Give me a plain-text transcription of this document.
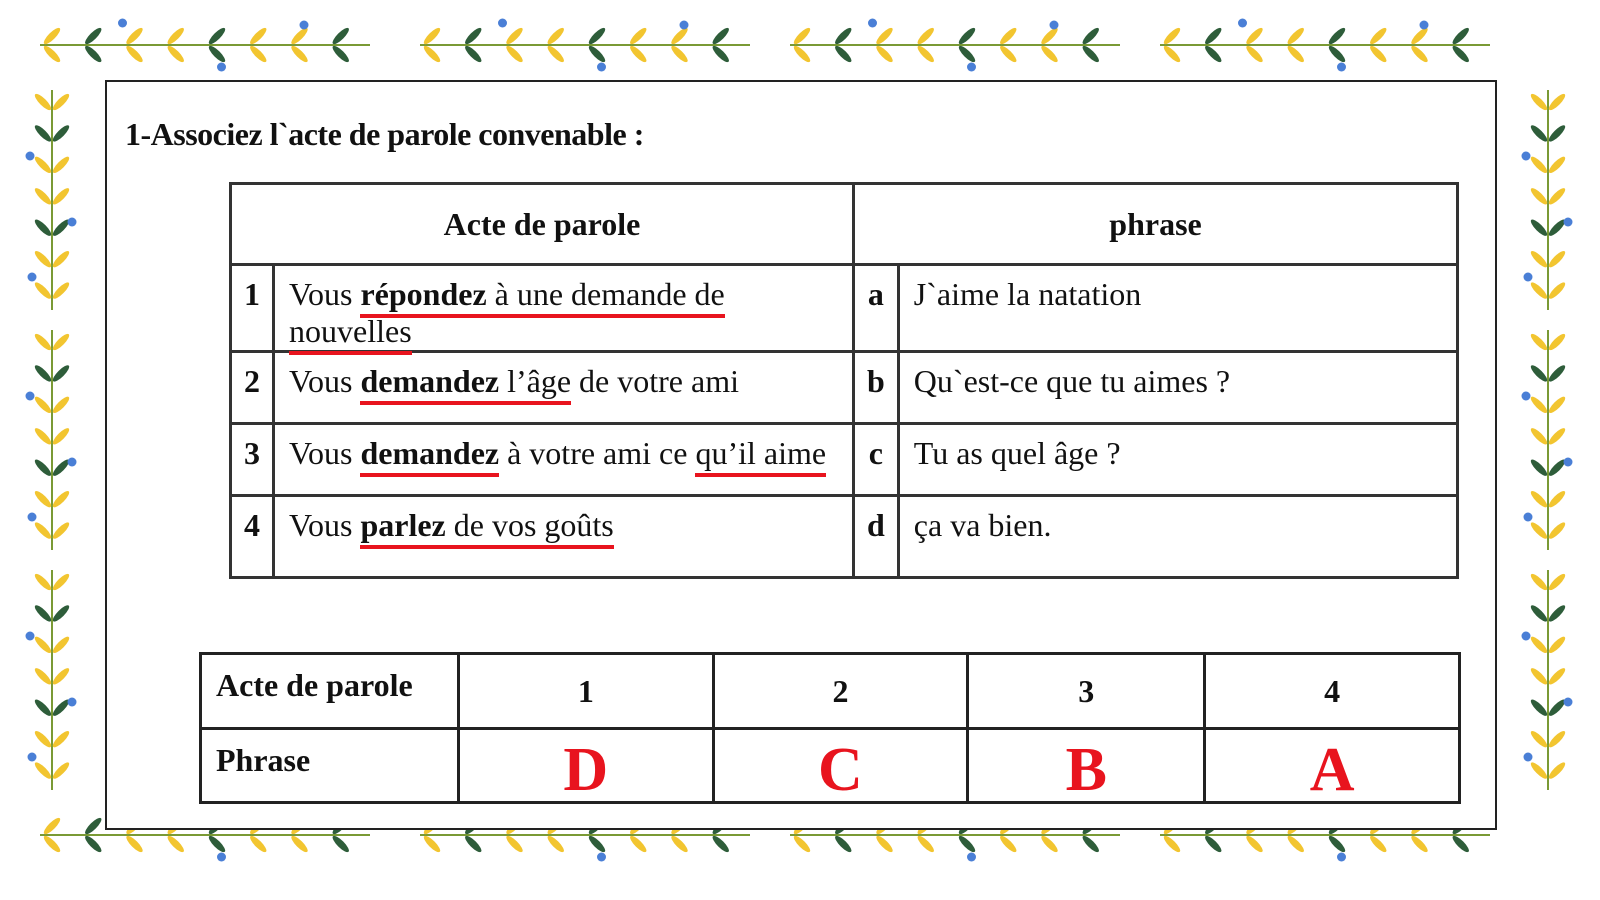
1-Associez l`acte de parole convenable :
Acte de parole		phrase	
1	Vous répondez à une demande de nouvelles	a	J`aime la natation
2	Vous demandez l’âge de votre ami	b	Qu`est-ce que tu aimes ?
3	Vous demandez à votre ami ce qu’il aime	c	Tu as quel âge ?
4	Vous parlez de vos goûts	d	ça va bien.
Acte de parole	1	2	3	4
Phrase	D	C	B	A
